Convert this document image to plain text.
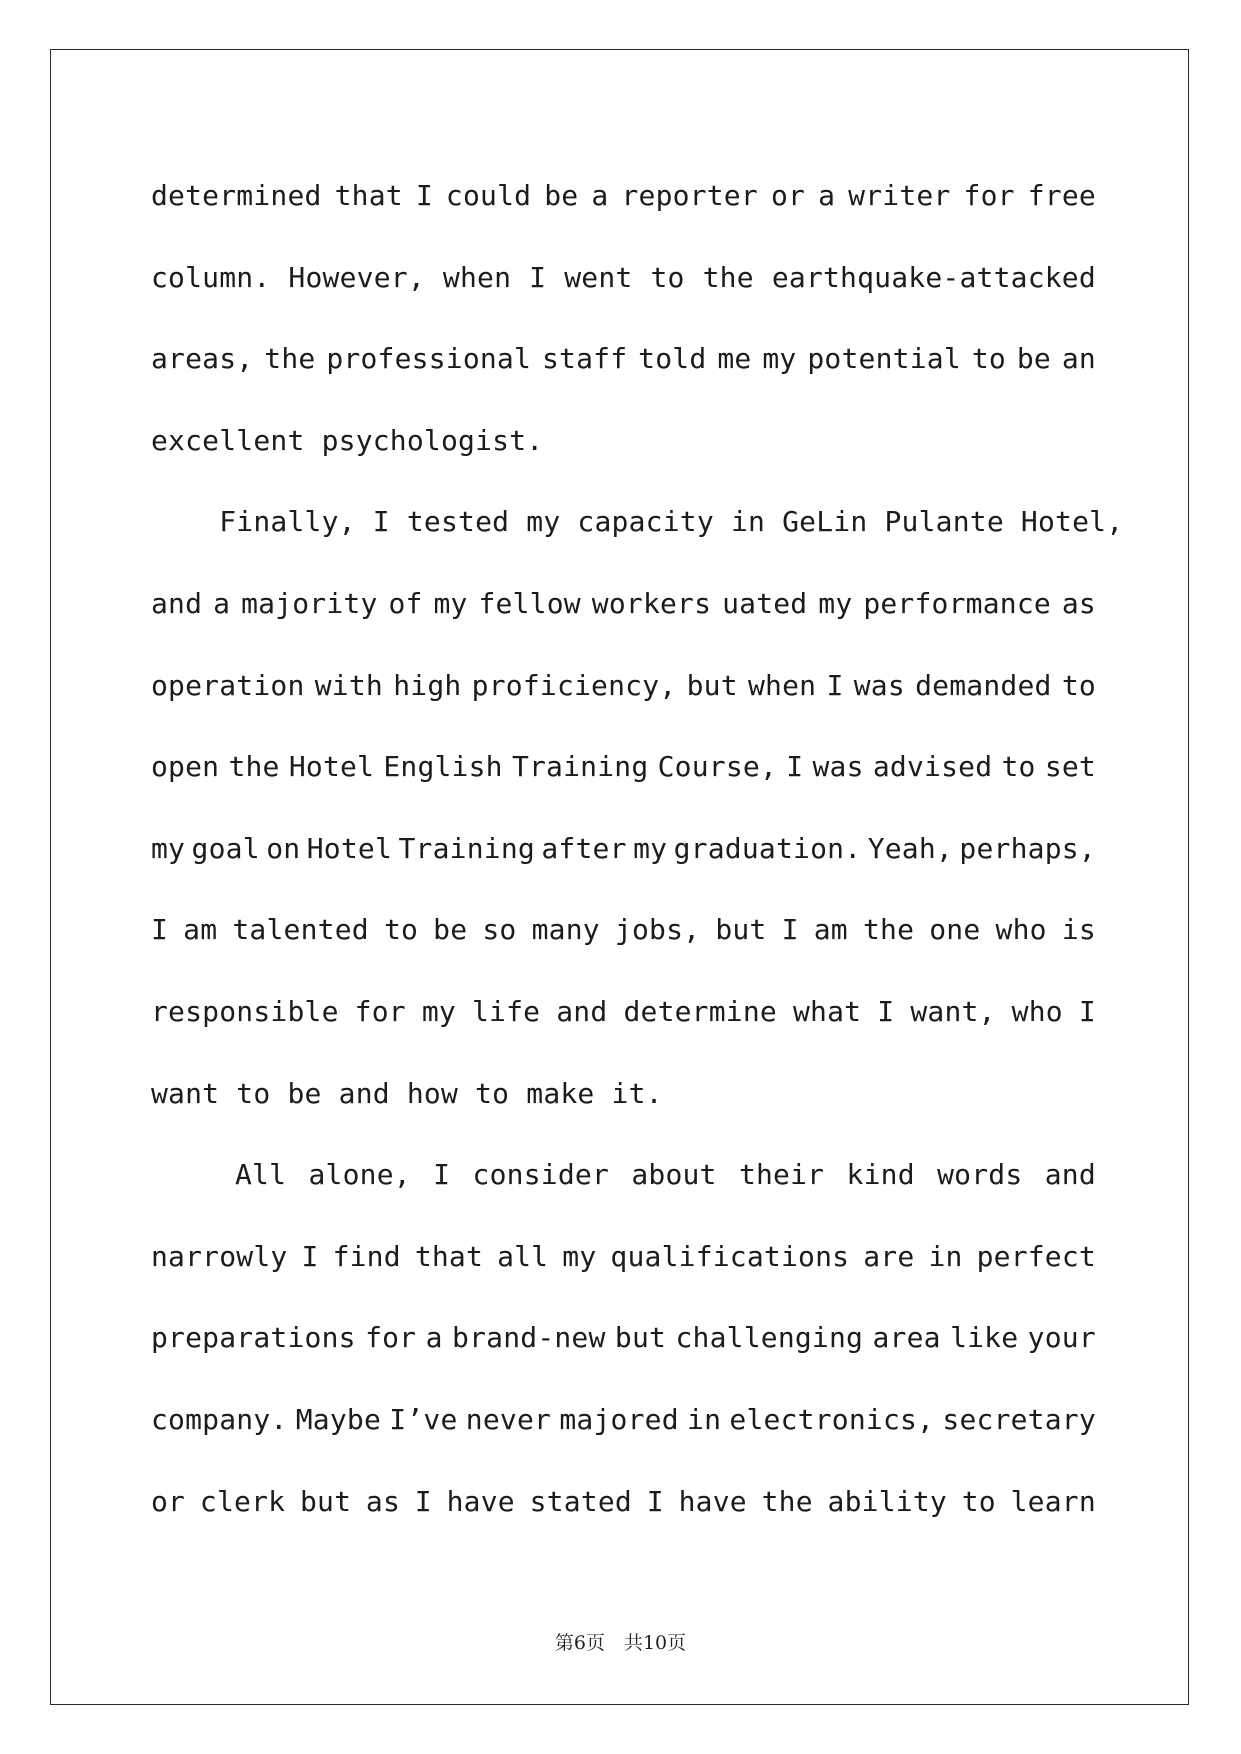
determined that I could be a reporter or a writer for free
column. However, when I went to the earthquake-attacked
areas, the professional staff told me my potential to be an
excellent psychologist.
Finally, I tested my capacity in GeLin Pulante Hotel,
and a majority of my fellow workers uated my performance as
operation with high proficiency, but when I was demanded to
open the Hotel English Training Course, I was advised to set
my goal on Hotel Training after my graduation. Yeah, perhaps,
I am talented to be so many jobs, but I am the one who is
responsible for my life and determine what I want, who I
want to be and how to make it.
All alone, I consider about their kind words and
narrowly I find that all my qualifications are in perfect
preparations for a brand-new but challenging area like your
company. Maybe I’ve never majored in electronics, secretary
or clerk but as I have stated I have the ability to learn
第6页　共10页
